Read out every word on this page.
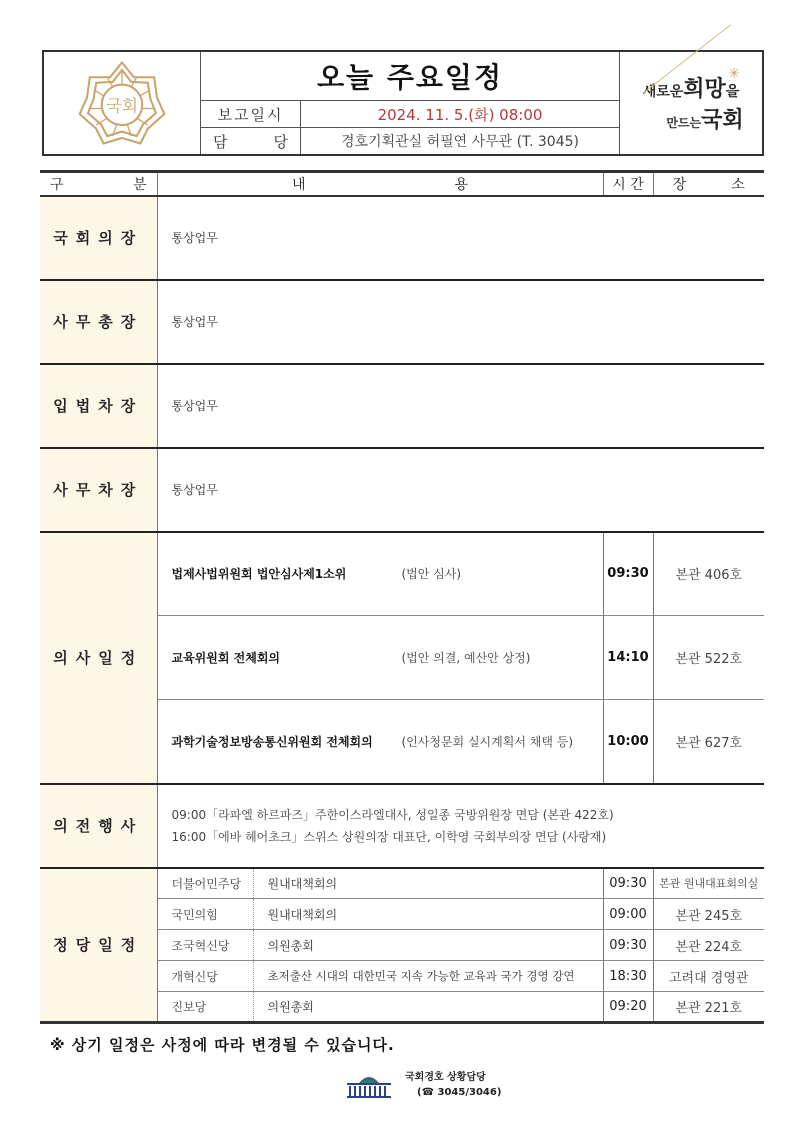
국회
오늘 주요일정
보고일시	2024. 11. 5.(화) 08:00
담	당	경호기획관실 허필연 사무관 (T. 3045)
✳
새로운희망을
만드는국회
구 분	내 용		시 간	장 소
국회의장	통상업무			
사무총장	통상업무			
입법차장	통상업무			
사무차장	통상업무			
의사일정	법제사법위원회 법안심사제1소위 (법안 심사)		09:30	본관 406호
	교육위원회 전체회의 (법안 의결, 예산안 상정)		14:10	본관 522호
	과학기술정보방송통신위원회 전체회의 (인사청문회 실시계획서 채택 등)		10:00	본관 627호
의전행사	09:00「라파엘 하르파즈」주한이스라엘대사, 성일종 국방위원장 면담 (본관 422호)
16:00「에바 헤어초크」스위스 상원의장 대표단, 이학영 국회부의장 면담 (사랑재)			

정당일정	더불어민주당	원내대책회의	09:30	본관 원내대표회의실
	국민의힘	원내대책회의	09:00	본관 245호
	조국혁신당	의원총회	09:30	본관 224호
	개혁신당	초저출산 시대의 대한민국 지속 가능한 교육과 국가 경영 강연	18:30	고려대 경영관
	진보당	의원총회	09:20	본관 221호
※ 상기 일정은 사정에 따라 변경될 수 있습니다.
국회경호 상황담당
(☎ 3045/3046)
